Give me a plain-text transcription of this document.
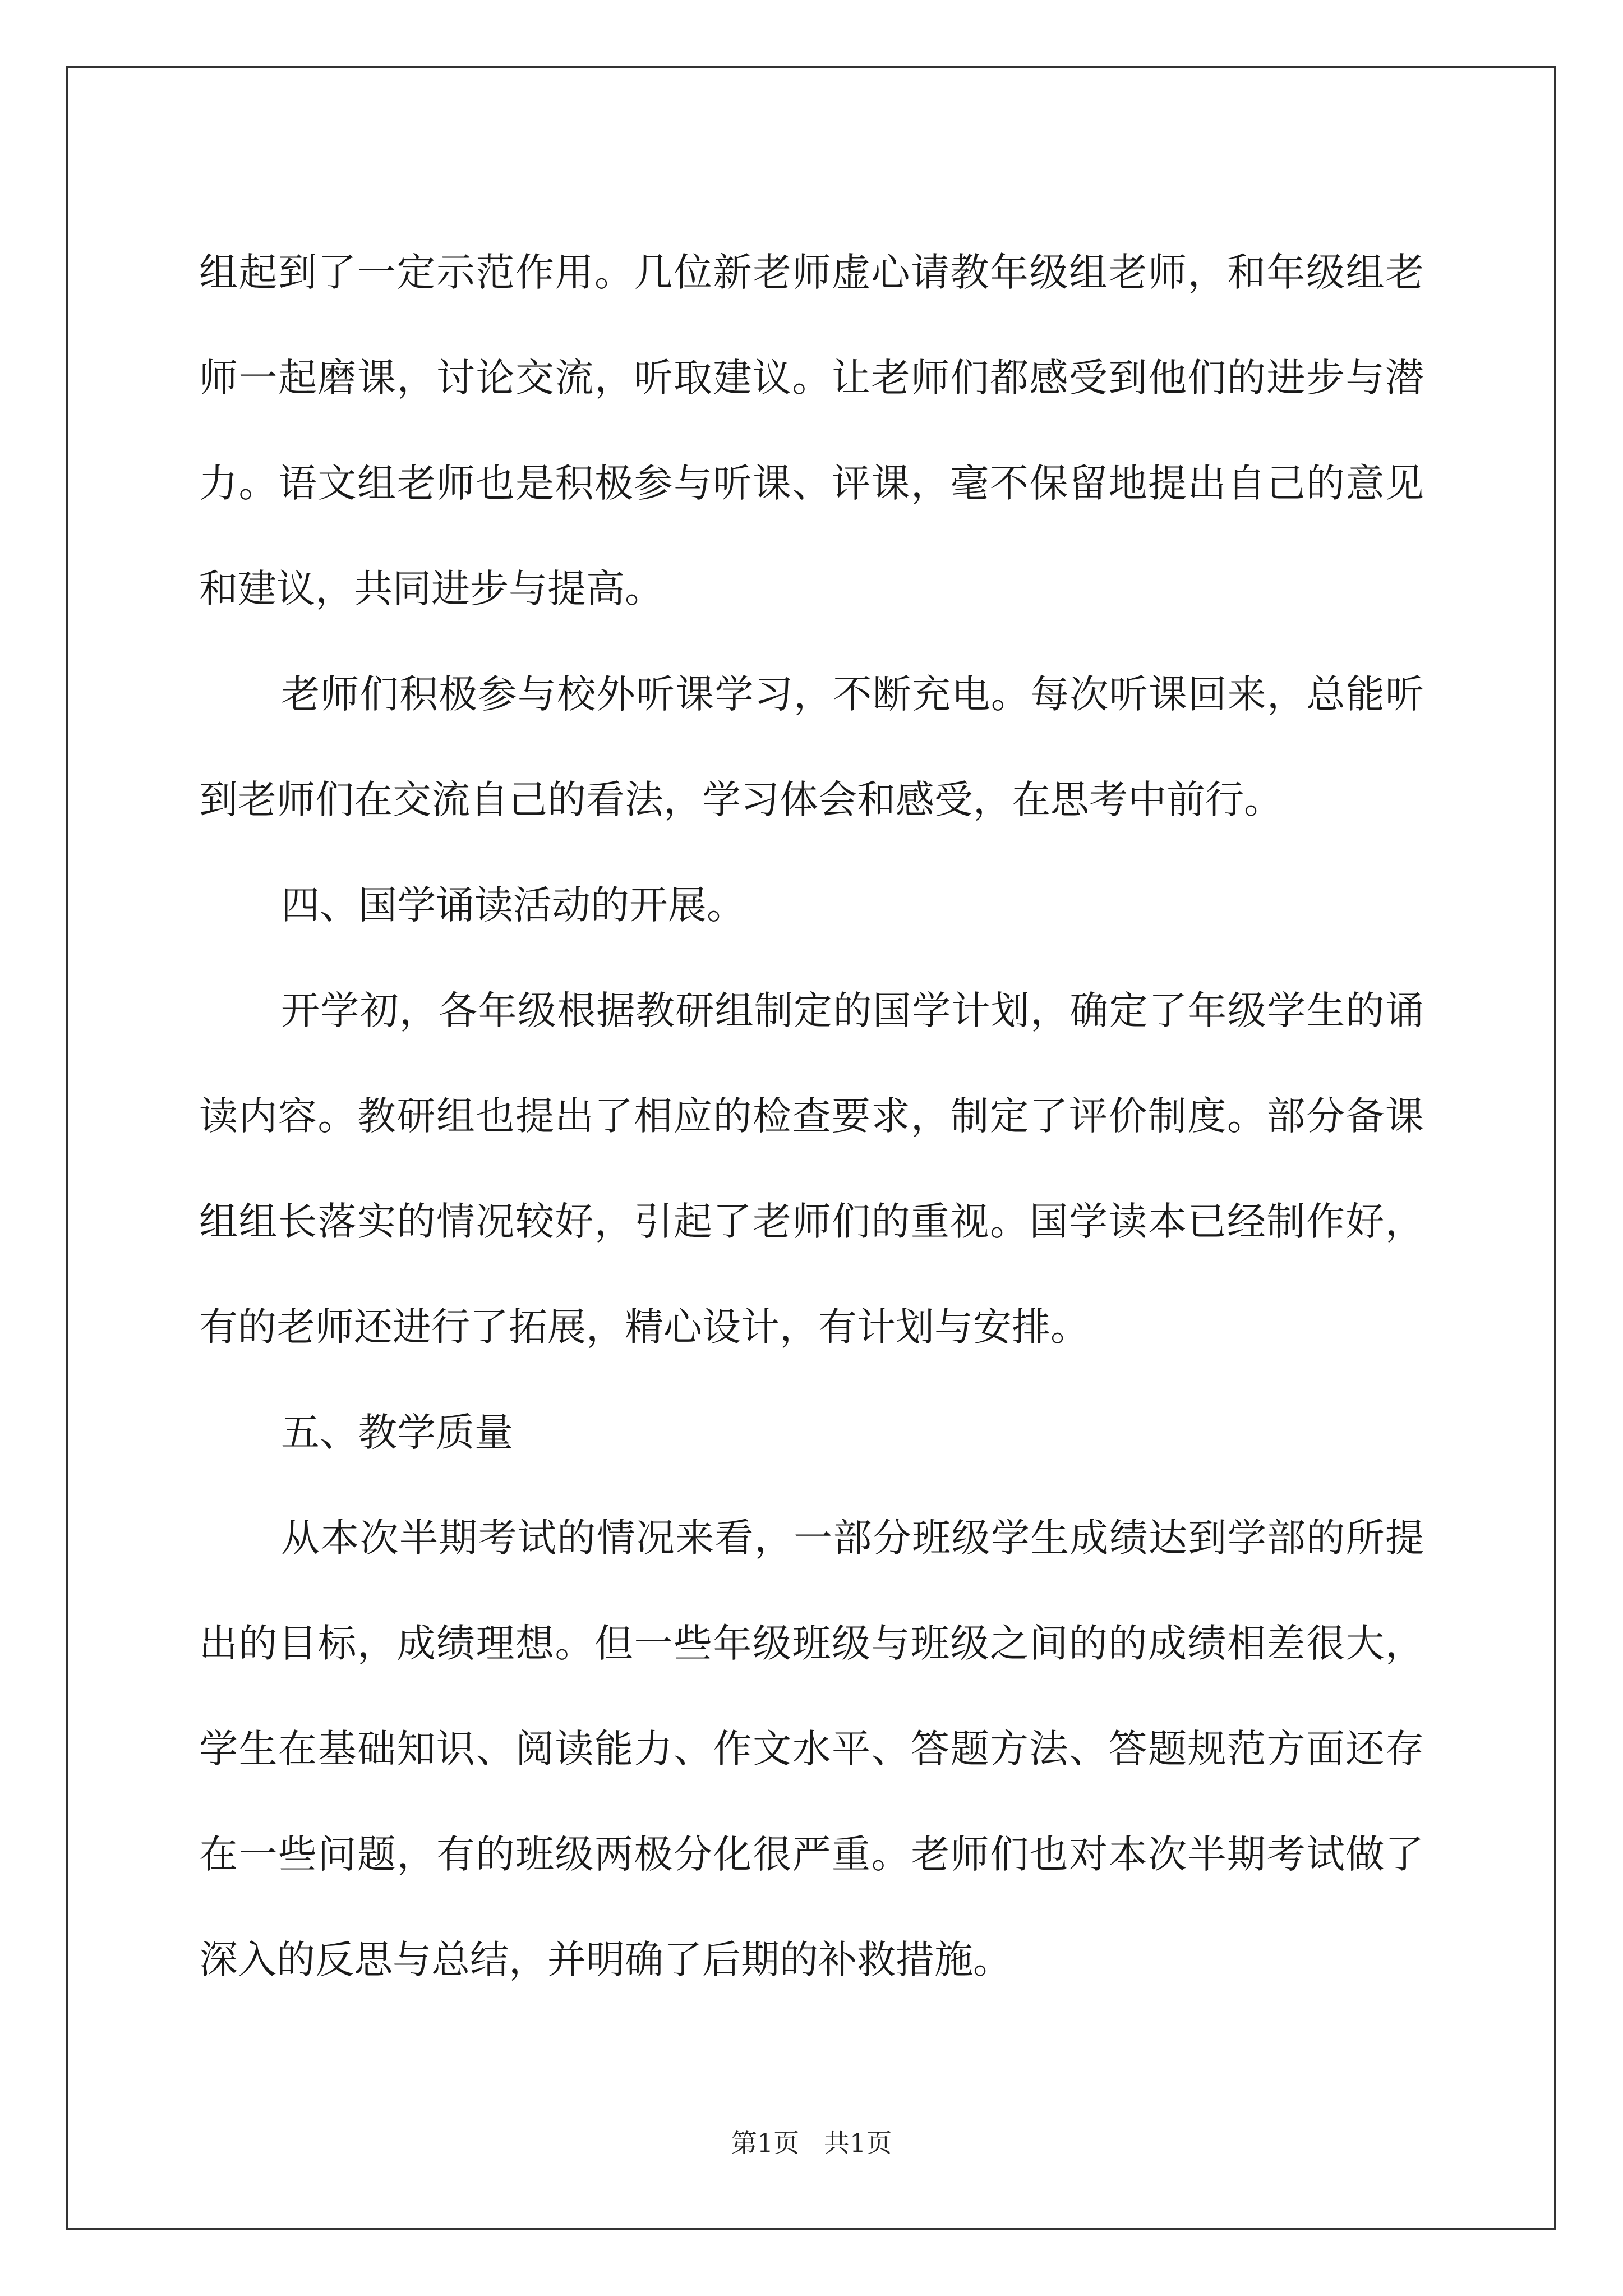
组起到了一定示范作用。几位新老师虚心请教年级组老师，和年级组老师一起磨课，讨论交流，听取建议。让老师们都感受到他们的进步与潜力。语文组老师也是积极参与听课、评课，毫不保留地提出自己的意见和建议，共同进步与提高。

老师们积极参与校外听课学习，不断充电。每次听课回来，总能听到老师们在交流自己的看法，学习体会和感受，在思考中前行。

四、国学诵读活动的开展。

开学初，各年级根据教研组制定的国学计划，确定了年级学生的诵读内容。教研组也提出了相应的检查要求，制定了评价制度。部分备课组组长落实的情况较好，引起了老师们的重视。国学读本已经制作好，有的老师还进行了拓展，精心设计，有计划与安排。

五、教学质量

从本次半期考试的情况来看，一部分班级学生成绩达到学部的所提出的目标，成绩理想。但一些年级班级与班级之间的的成绩相差很大，学生在基础知识、阅读能力、作文水平、答题方法、答题规范方面还存在一些问题，有的班级两极分化很严重。老师们也对本次半期考试做了深入的反思与总结，并明确了后期的补救措施。

第1页 共1页
